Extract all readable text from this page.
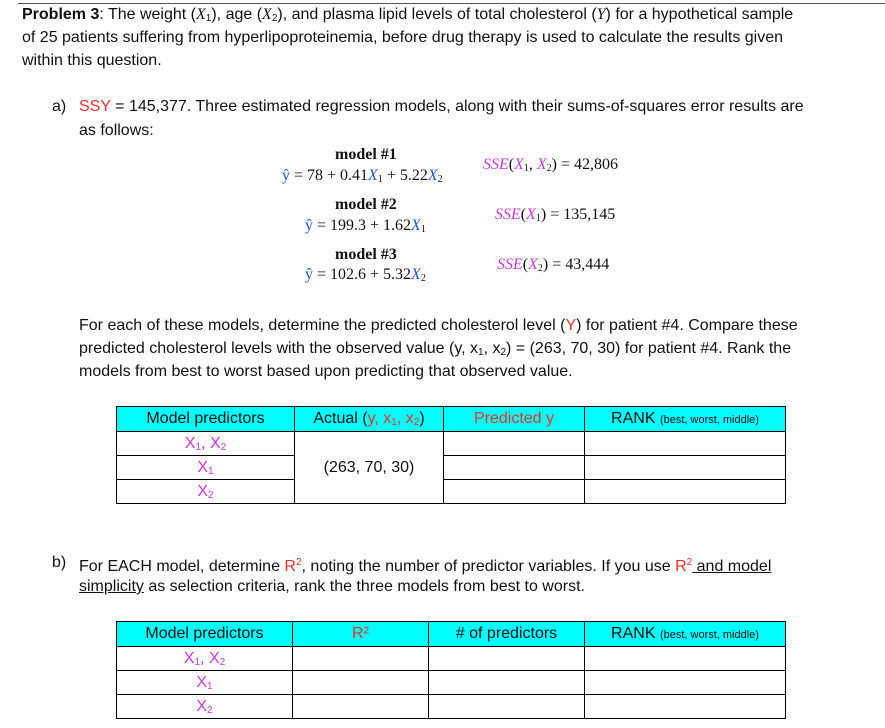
Problem 3: The weight $(X_1)$, age $(X_2)$, and plasma lipid levels of total cholesterol (Y) for a hypothetical sample
of 25 patients suffering from hyperlipoproteinemia, before drug therapy is used to calculate the results given
within this question.
a) SSY = 145,377. Three estimated regression models, along with their sums-of-squares error results are
as follows:
model #1
ŷ = $78 + 0.41X_1 + 5.22X_2$
$SSE(X_1$, $X_2) = 42,806$
model #2
ŷ = $199.3 + 1.62X_1$
$SSE(X_1) = 135,145$
model #3
ŷ = $102.6 + 5.32X_2$
$SSE(X_2) = 43,444$
For each of these models, determine the predicted cholesterol level (Y) for patient #4. Compare these
predicted cholesterol levels with the observed value (y, $x_1$, $x_2) = (263$, 70, 30) for patient #4. Rank the
models from best to worst based upon predicting that observed value.
Model predictors	Actual (y, $x_1$, $x_2$)	Predicted y	RANK (best, worst, middle)
$X_1$, $X_2$	(263, 70, 30)		
$X_1$		
$X_2$		
b) For EACH model, determine $R^2$, noting the number of predictor variables. If you use $R^2$ and model
simplicity as selection criteria, rank the three models from best to worst.
Model predictors	R²	# of predictors	RANK (best, worst, middle)
$X_1$, $X_2$			
$X_1$			
$X_2$			
